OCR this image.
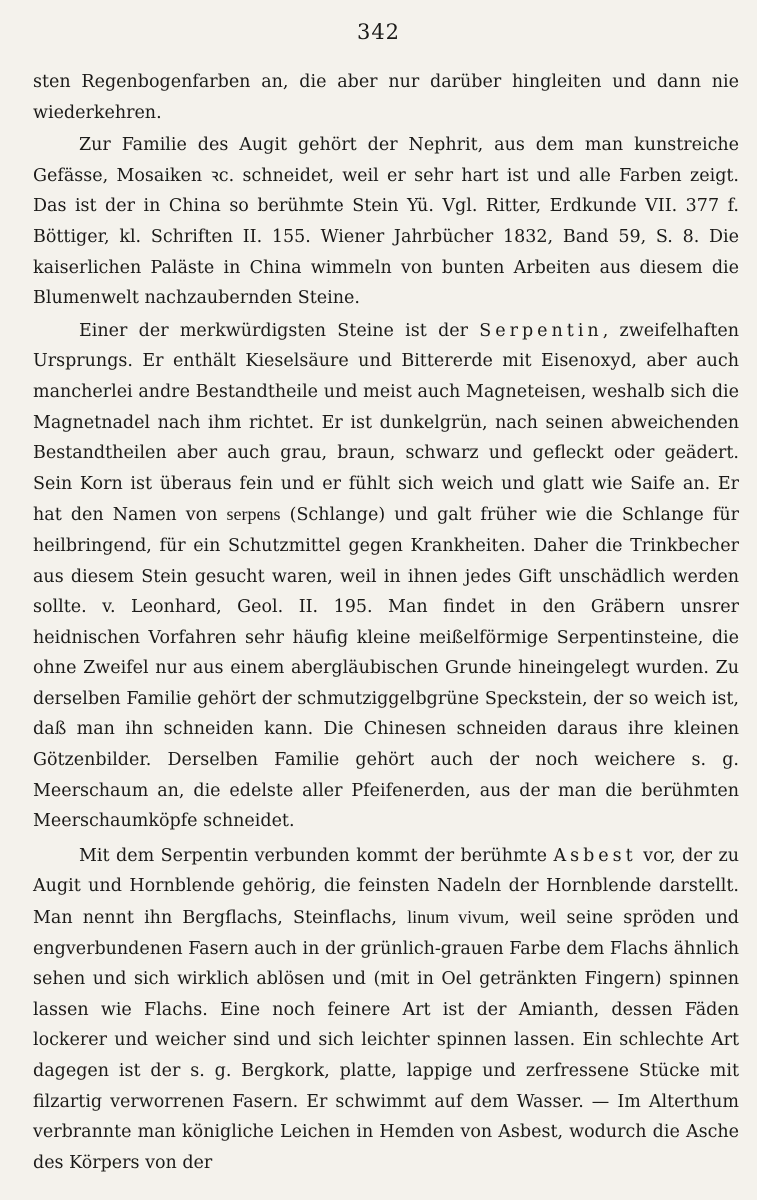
342

sten Regenbogenfarben an, die aber nur darüber hingleiten und dann nie wiederkehren.

Zur Familie des Augit gehört der Nephrit, aus dem man kunstreiche Gefässe, Mosaiken ꝛc. schneidet, weil er sehr hart ist und alle Farben zeigt. Das ist der in China so berühmte Stein Yü. Vgl. Ritter, Erdkunde VII. 377 f. Böttiger, kl. Schriften II. 155. Wiener Jahrbücher 1832, Band 59, S. 8. Die kaiserlichen Paläste in China wimmeln von bunten Arbeiten aus diesem die Blumenwelt nachzaubernden Steine.

Einer der merkwürdigsten Steine ist der Serpentin, zweifelhaften Ursprungs. Er enthält Kieselsäure und Bittererde mit Eisenoxyd, aber auch mancherlei andre Bestandtheile und meist auch Magneteisen, weshalb sich die Magnetnadel nach ihm richtet. Er ist dunkelgrün, nach seinen abweichenden Bestandtheilen aber auch grau, braun, schwarz und gefleckt oder geädert. Sein Korn ist überaus fein und er fühlt sich weich und glatt wie Saife an. Er hat den Namen von serpens (Schlange) und galt früher wie die Schlange für heilbringend, für ein Schutzmittel gegen Krankheiten. Daher die Trinkbecher aus diesem Stein gesucht waren, weil in ihnen jedes Gift unschädlich werden sollte. v. Leonhard, Geol. II. 195. Man findet in den Gräbern unsrer heidnischen Vorfahren sehr häufig kleine meißelförmige Serpentinsteine, die ohne Zweifel nur aus einem abergläubischen Grunde hineingelegt wurden. Zu derselben Familie gehört der schmutziggelbgrüne Speckstein, der so weich ist, daß man ihn schneiden kann. Die Chinesen schneiden daraus ihre kleinen Götzenbilder. Derselben Familie gehört auch der noch weichere s. g. Meerschaum an, die edelste aller Pfeifenerden, aus der man die berühmten Meerschaumköpfe schneidet.

Mit dem Serpentin verbunden kommt der berühmte Asbest vor, der zu Augit und Hornblende gehörig, die feinsten Nadeln der Hornblende darstellt. Man nennt ihn Bergflachs, Steinflachs, linum vivum, weil seine spröden und engverbundenen Fasern auch in der grünlich-grauen Farbe dem Flachs ähnlich sehen und sich wirklich ablösen und (mit in Oel getränkten Fingern) spinnen lassen wie Flachs. Eine noch feinere Art ist der Amianth, dessen Fäden lockerer und weicher sind und sich leichter spinnen lassen. Ein schlechte Art dagegen ist der s. g. Bergkork, platte, lappige und zerfressene Stücke mit filzartig verworrenen Fasern. Er schwimmt auf dem Wasser. — Im Alterthum verbrannte man königliche Leichen in Hemden von Asbest, wodurch die Asche des Körpers von der
